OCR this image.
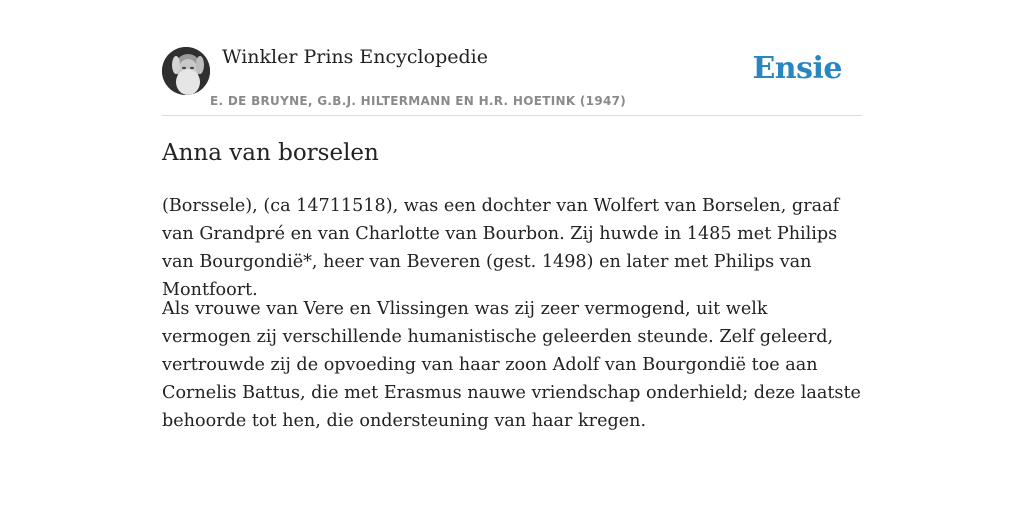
Winkler Prins Encyclopedie
E. DE BRUYNE, G.B.J. HILTERMANN EN H.R. HOETINK (1947)
Ensie
Anna van borselen

(Borssele), (ca 14711518), was een dochter van Wolfert van Borselen, graaf van Grandpré en van Charlotte van Bourbon. Zij huwde in 1485 met Philips van Bourgondië*, heer van Beveren (gest. 1498) en later met Philips van Montfoort.

Als vrouwe van Vere en Vlissingen was zij zeer vermogend, uit welk vermogen zij verschillende humanistische geleerden steunde. Zelf geleerd, vertrouwde zij de opvoeding van haar zoon Adolf van Bourgondië toe aan Cornelis Battus, die met Erasmus nauwe vriendschap onderhield; deze laatste behoorde tot hen, die ondersteuning van haar kregen.
